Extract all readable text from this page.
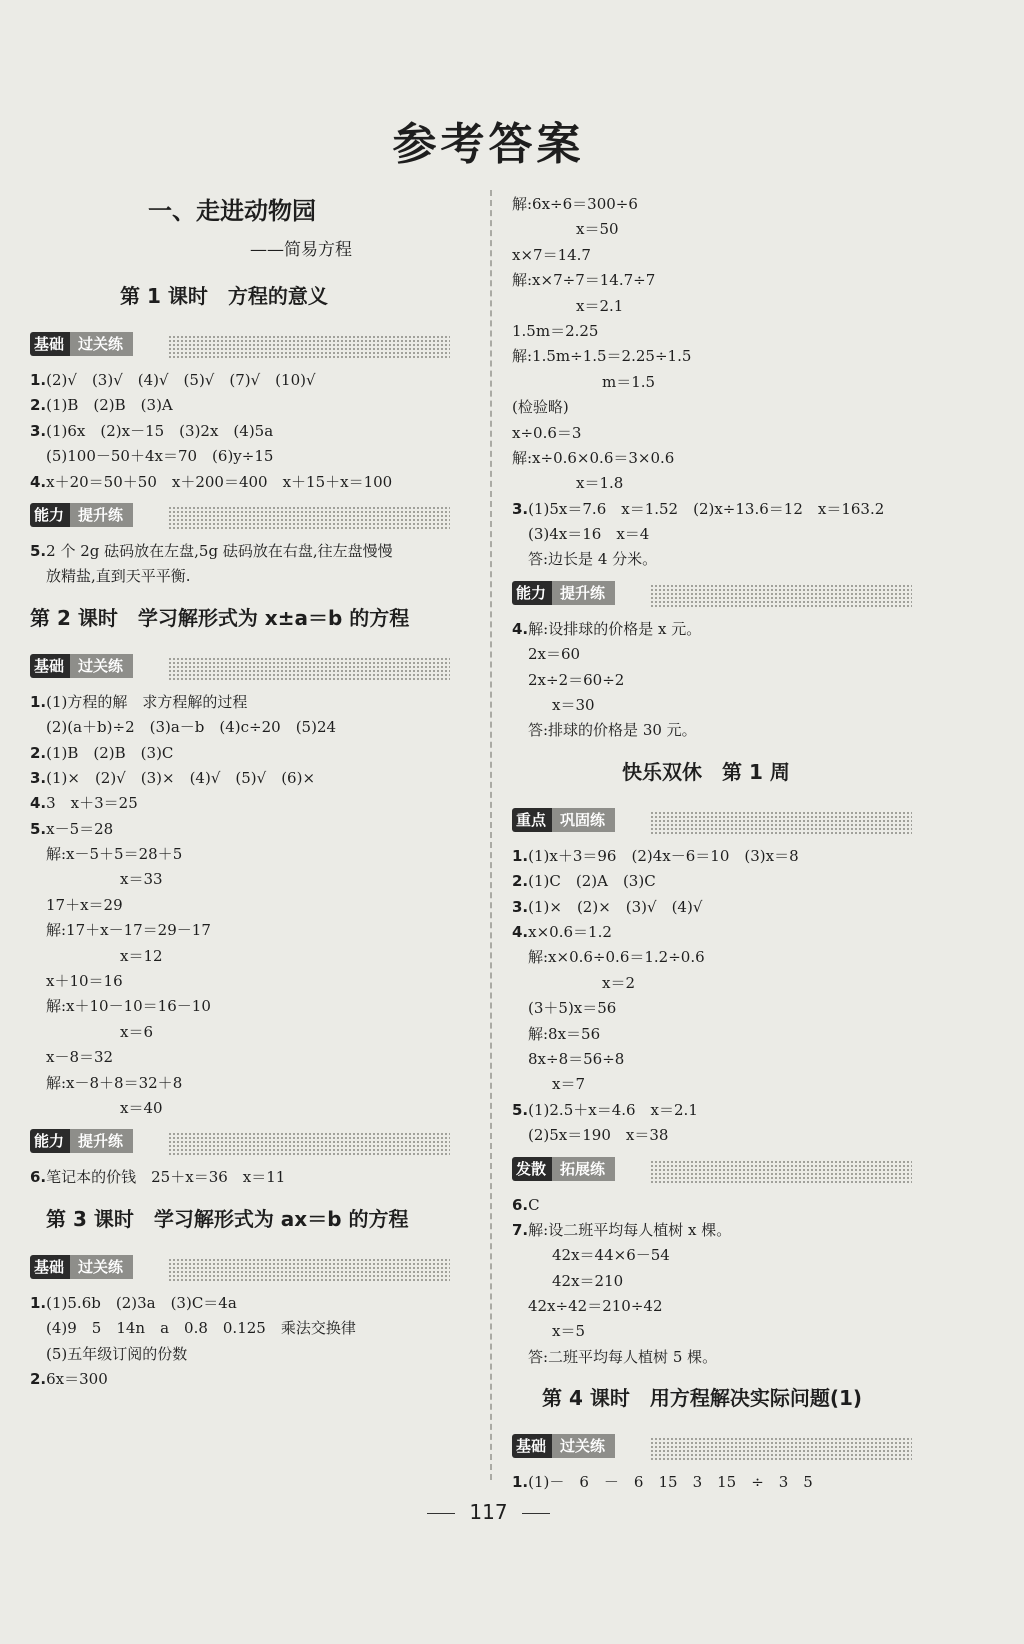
参考答案
一、走进动物园
——简易方程
第 1 课时　方程的意义
基础 过关练
1.(2)√　(3)√　(4)√　(5)√　(7)√　(10)√
2.(1)B　(2)B　(3)A
3.(1)6x　(2)x－15　(3)2x　(4)5a
(5)100－50＋4x＝70　(6)y÷15
4.x＋20＝50＋50　x＋200＝400　x＋15＋x＝100
能力 提升练
5.2 个 2g 砝码放在左盘,5g 砝码放在右盘,往左盘慢慢
放精盐,直到天平平衡.
第 2 课时　学习解形式为 x±a＝b 的方程
基础 过关练
1.(1)方程的解　求方程解的过程
(2)(a＋b)÷2　(3)a－b　(4)c÷20　(5)24
2.(1)B　(2)B　(3)C
3.(1)×　(2)√　(3)×　(4)√　(5)√　(6)×
4.3　x＋3＝25
5.x－5＝28
解:x－5＋5＝28＋5
x＝33
17＋x＝29
解:17＋x－17＝29－17
x＝12
x＋10＝16
解:x＋10－10＝16－10
x＝6
x－8＝32
解:x－8＋8＝32＋8
x＝40
能力 提升练
6.笔记本的价钱　25＋x＝36　x＝11
第 3 课时　学习解形式为 ax＝b 的方程
基础 过关练
1.(1)5.6b　(2)3a　(3)C＝4a
(4)9　5　14n　a　0.8　0.125　乘法交换律
(5)五年级订阅的份数
2.6x＝300
解:6x÷6＝300÷6
x＝50
x×7＝14.7
解:x×7÷7＝14.7÷7
x＝2.1
1.5m＝2.25
解:1.5m÷1.5＝2.25÷1.5
m＝1.5
(检验略)
x÷0.6＝3
解:x÷0.6×0.6＝3×0.6
x＝1.8
3.(1)5x＝7.6　x＝1.52　(2)x÷13.6＝12　x＝163.2
(3)4x＝16　x＝4
答:边长是 4 分米。
能力 提升练
4.解:设排球的价格是 x 元。
2x＝60
2x÷2＝60÷2
x＝30
答:排球的价格是 30 元。
快乐双休　第 1 周
重点 巩固练
1.(1)x＋3＝96　(2)4x－6＝10　(3)x＝8
2.(1)C　(2)A　(3)C
3.(1)×　(2)×　(3)√　(4)√
4.x×0.6＝1.2
解:x×0.6÷0.6＝1.2÷0.6
x＝2
(3＋5)x＝56
解:8x＝56
8x÷8＝56÷8
x＝7
5.(1)2.5＋x＝4.6　x＝2.1
(2)5x＝190　x＝38
发散 拓展练
6.C
7.解:设二班平均每人植树 x 棵。
42x＝44×6－54
42x＝210
42x÷42＝210÷42
x＝5
答:二班平均每人植树 5 棵。
第 4 课时　用方程解决实际问题(1)
基础 过关练
1.(1)－　6　－　6　15　3　15　÷　3　5
117
